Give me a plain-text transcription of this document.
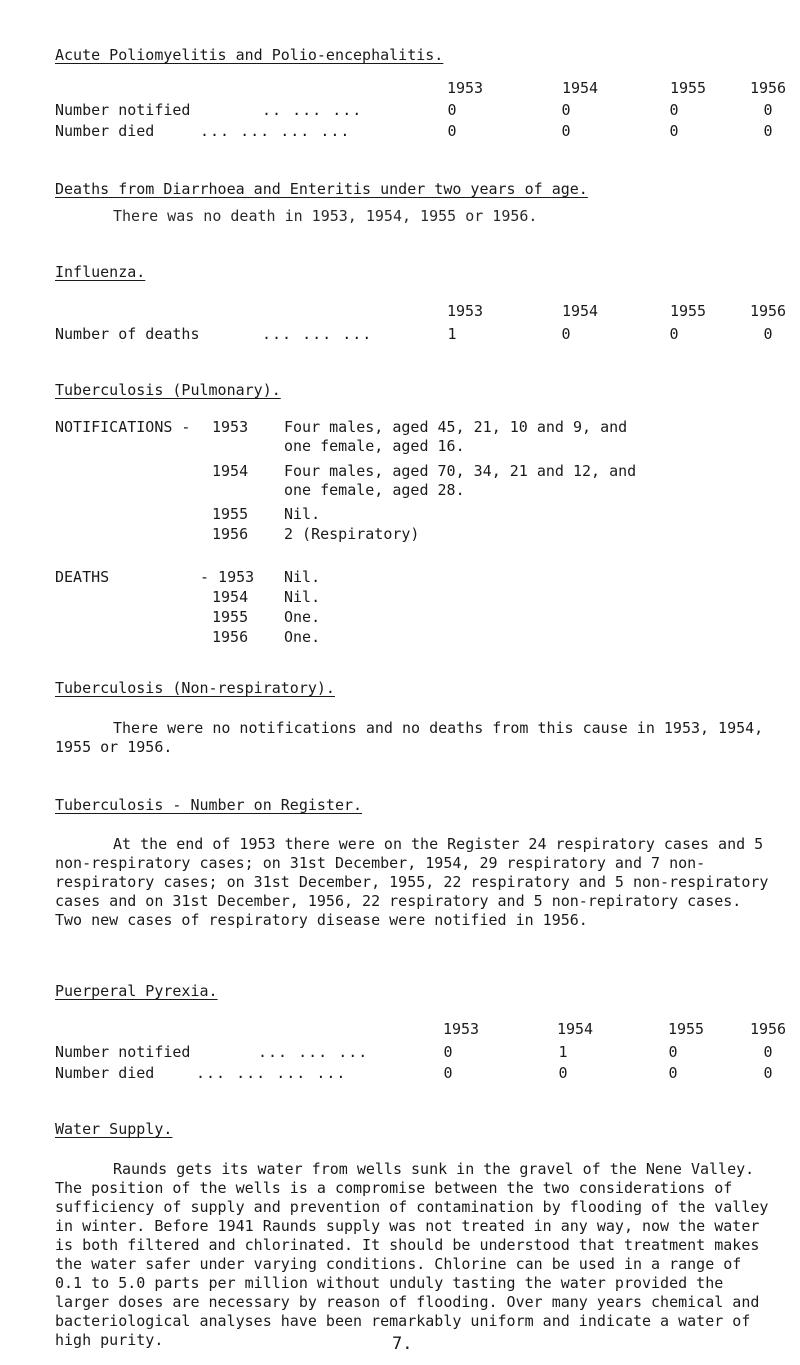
Acute Poliomyelitis and Polio-encephalitis.
1953	1954	1955	1956
Number notified	.. ... ...	0	0	0	0
Number died	... ... ... ...	0	0	0	0
Deaths from Diarrhoea and Enteritis under two years of age.
There was no death in 1953, 1954, 1955 or 1956.
Influenza.
1953	1954	1955	1956
Number of deaths	... ... ...	1	0	0	0
Tuberculosis (Pulmonary).
NOTIFICATIONS - 1953 Four males, aged 45, 21, 10 and 9, and
one female, aged 16.
1954 Four males, aged 70, 34, 21 and 12, and
one female, aged 28.
1955 Nil.
1956 2 (Respiratory)
DEATHS	- 1953 Nil.
1954 Nil.
1955 One.
1956 One.
Tuberculosis (Non-respiratory).
There were no notifications and no deaths from this cause in 1953, 1954, 1955 or 1956.
Tuberculosis - Number on Register.
At the end of 1953 there were on the Register 24 respiratory cases and 5 non-respiratory cases; on 31st December, 1954, 29 respiratory and 7 non-respiratory cases; on 31st December, 1955, 22 respiratory and 5 non-respiratory cases and on 31st December, 1956, 22 respiratory and 5 non-repiratory cases. Two new cases of respiratory disease were notified in 1956.
Puerperal Pyrexia.
1953	1954	1955	1956
Number notified	... ... ...	0	1	0	0
Number died	... ... ... ...	0	0	0	0
Water Supply.
Raunds gets its water from wells sunk in the gravel of the Nene Valley. The position of the wells is a compromise between the two considerations of sufficiency of supply and prevention of contamination by flooding of the valley in winter. Before 1941 Raunds supply was not treated in any way, now the water is both filtered and chlorinated. It should be understood that treatment makes the water safer under varying conditions. Chlorine can be used in a range of 0.1 to 5.0 parts per million without unduly tasting the water provided the larger doses are necessary by reason of flooding. Over many years chemical and bacteriological analyses have been remarkably uniform and indicate a water of high purity.	7.
